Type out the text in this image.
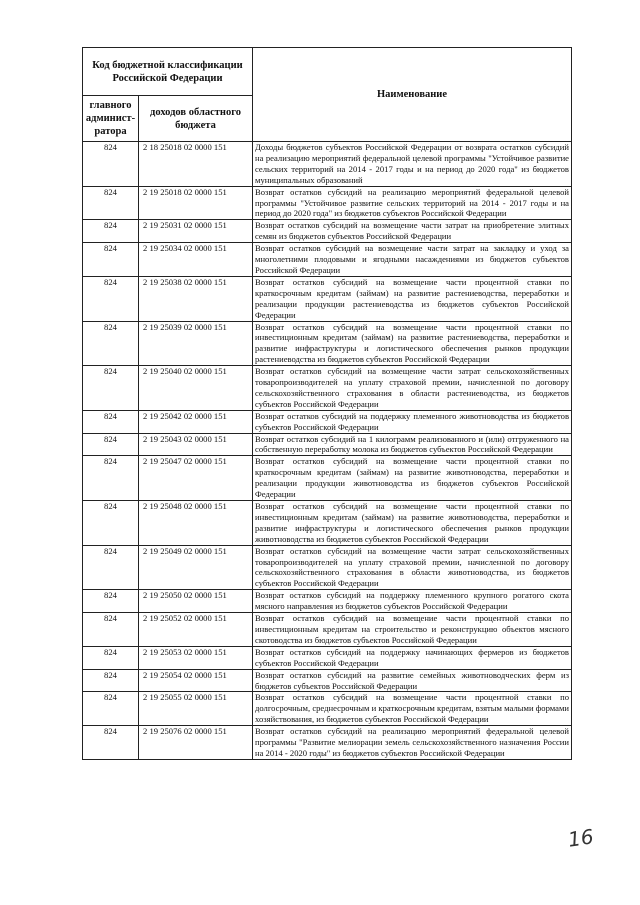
Код бюджетной классификации Российской Федерации		Наименование
главного админист-ратора	доходов областного бюджета	
824	2 18 25018 02 0000 151	Доходы бюджетов субъектов Российской Федерации от возврата остатков субсидий на реализацию мероприятий федеральной целевой программы "Устойчивое развитие сельских территорий на 2014 - 2017 годы и на период до 2020 года" из бюджетов муниципальных образований
824	2 19 25018 02 0000 151	Возврат остатков субсидий на реализацию мероприятий федеральной целевой программы "Устойчивое развитие сельских территорий на 2014 - 2017 годы и на период до 2020 года" из бюджетов субъектов Российской Федерации
824	2 19 25031 02 0000 151	Возврат остатков субсидий на возмещение части затрат на приобретение элитных семян из бюджетов субъектов Российской Федерации
824	2 19 25034 02 0000 151	Возврат остатков субсидий на возмещение части затрат на закладку и уход за многолетними плодовыми и ягодными насаждениями из бюджетов субъектов Российской Федерации
824	2 19 25038 02 0000 151	Возврат остатков субсидий на возмещение части процентной ставки по краткосрочным кредитам (займам) на развитие растениеводства, переработки и реализации продукции растениеводства из бюджетов субъектов Российской Федерации
824	2 19 25039 02 0000 151	Возврат остатков субсидий на возмещение части процентной ставки по инвестиционным кредитам (займам) на развитие растениеводства, переработки и развитие инфраструктуры и логистического обеспечения рынков продукции растениеводства из бюджетов субъектов Российской Федерации
824	2 19 25040 02 0000 151	Возврат остатков субсидий на возмещение части затрат сельскохозяйственных товаропроизводителей на уплату страховой премии, начисленной по договору сельскохозяйственного страхования в области растениеводства, из бюджетов субъектов Российской Федерации
824	2 19 25042 02 0000 151	Возврат остатков субсидий на поддержку племенного животноводства из бюджетов субъектов Российской Федерации
824	2 19 25043 02 0000 151	Возврат остатков субсидий на 1 килограмм реализованного и (или) отгруженного на собственную переработку молока из бюджетов субъектов Российской Федерации
824	2 19 25047 02 0000 151	Возврат остатков субсидий на возмещение части процентной ставки по краткосрочным кредитам (займам) на развитие животноводства, переработки и реализации продукции животноводства из бюджетов субъектов Российской Федерации
824	2 19 25048 02 0000 151	Возврат остатков субсидий на возмещение части процентной ставки по инвестиционным кредитам (займам) на развитие животноводства, переработки и развитие инфраструктуры и логистического обеспечения рынков продукции животноводства из бюджетов субъектов Российской Федерации
824	2 19 25049 02 0000 151	Возврат остатков субсидий на возмещение части затрат сельскохозяйственных товаропроизводителей на уплату страховой премии, начисленной по договору сельскохозяйственного страхования в области животноводства, из бюджетов субъектов Российской Федерации
824	2 19 25050 02 0000 151	Возврат остатков субсидий на поддержку племенного крупного рогатого скота мясного направления из бюджетов субъектов Российской Федерации
824	2 19 25052 02 0000 151	Возврат остатков субсидий на возмещение части процентной ставки по инвестиционным кредитам на строительство и реконструкцию объектов мясного скотоводства из бюджетов субъектов Российской Федерации
824	2 19 25053 02 0000 151	Возврат остатков субсидий на поддержку начинающих фермеров из бюджетов субъектов Российской Федерации
824	2 19 25054 02 0000 151	Возврат остатков субсидий на развитие семейных животноводческих ферм из бюджетов субъектов Российской Федерации
824	2 19 25055 02 0000 151	Возврат остатков субсидий на возмещение части процентной ставки по долгосрочным, среднесрочным и краткосрочным кредитам, взятым малыми формами хозяйствования, из бюджетов субъектов Российской Федерации
824	2 19 25076 02 0000 151	Возврат остатков субсидий на реализацию мероприятий федеральной целевой программы "Развитие мелиорации земель сельскохозяйственного назначения России на 2014 - 2020 годы" из бюджетов субъектов Российской Федерации
16
